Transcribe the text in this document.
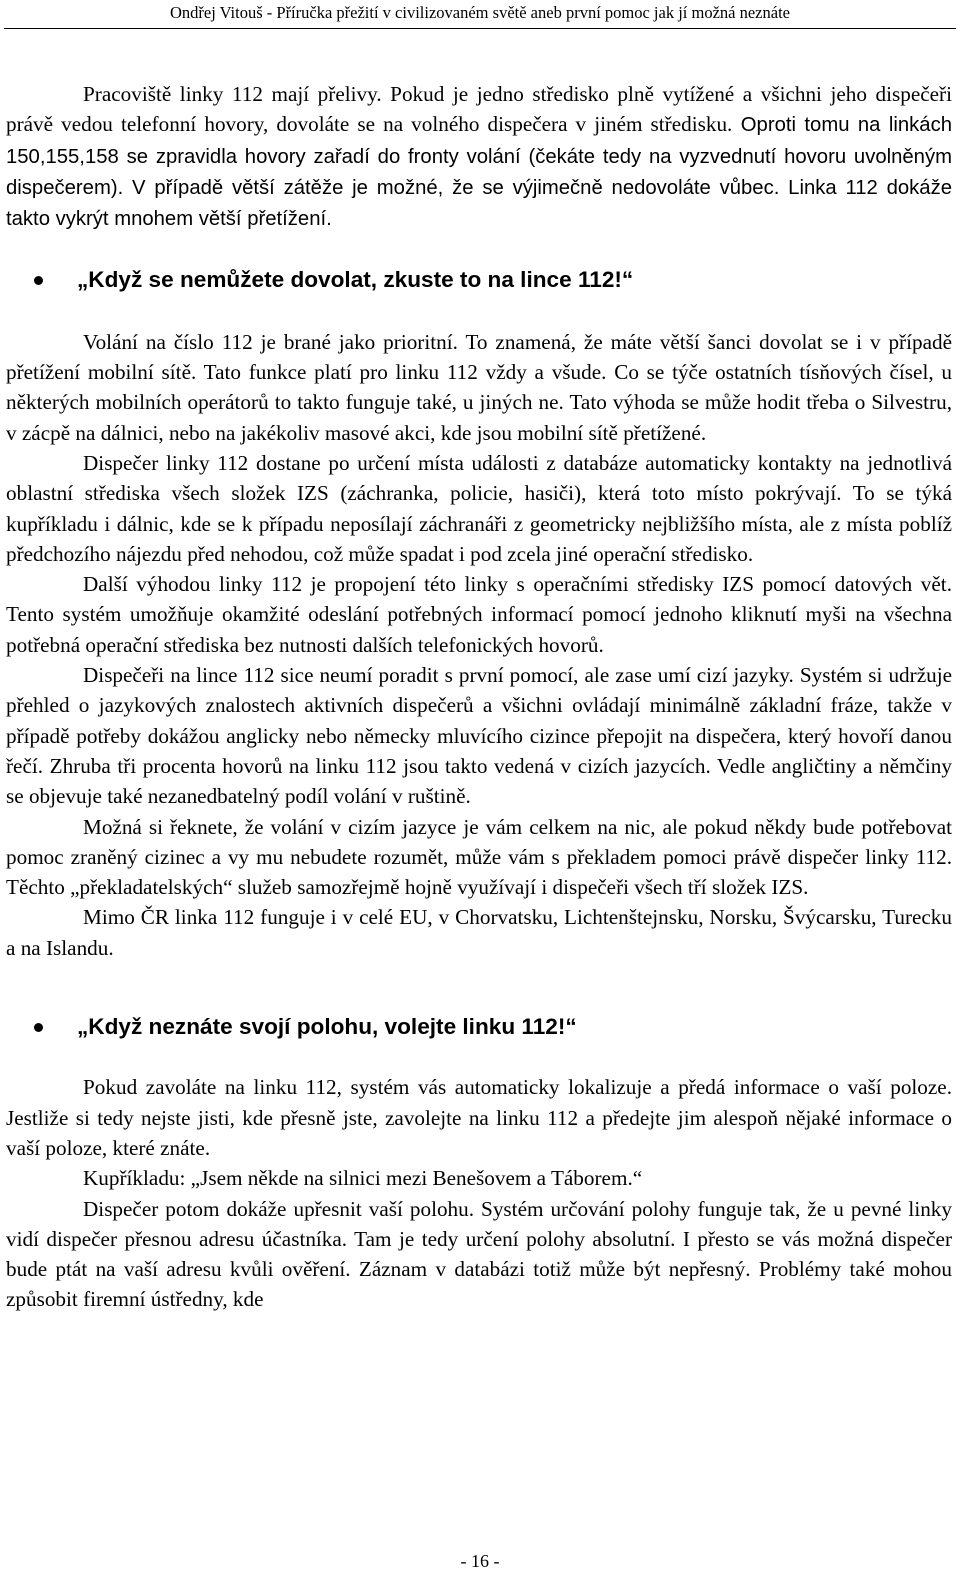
Ondřej Vitouš - Příručka přežití v civilizovaném světě aneb první pomoc jak jí možná neznáte

Pracoviště linky 112 mají přelivy. Pokud je jedno středisko plně vytížené a všichni jeho dispečeři právě vedou telefonní hovory, dovoláte se na volného dispečera v jiném středisku. Oproti tomu na linkách 150,155,158 se zpravidla hovory zařadí do fronty volání (čekáte tedy na vyzvednutí hovoru uvolněným dispečerem). V případě větší zátěže je možné, že se výjimečně nedovoláte vůbec. Linka 112 dokáže takto vykrýt mnohem větší přetížení.

„Když se nemůžete dovolat, zkuste to na lince 112!“

Volání na číslo 112 je brané jako prioritní. To znamená, že máte větší šanci dovolat se i v případě přetížení mobilní sítě. Tato funkce platí pro linku 112 vždy a všude. Co se týče ostatních tísňových čísel, u některých mobilních operátorů to takto funguje také, u jiných ne. Tato výhoda se může hodit třeba o Silvestru, v zácpě na dálnici, nebo na jakékoliv masové akci, kde jsou mobilní sítě přetížené.

Dispečer linky 112 dostane po určení místa události z databáze automaticky kontakty na jednotlivá oblastní střediska všech složek IZS (záchranka, policie, hasiči), která toto místo pokrývají. To se týká kupříkladu i dálnic, kde se k případu neposílají záchranáři z geometricky nejbližšího místa, ale z místa poblíž předchozího nájezdu před nehodou, což může spadat i pod zcela jiné operační středisko.

Další výhodou linky 112 je propojení této linky s operačními středisky IZS pomocí datových vět. Tento systém umožňuje okamžité odeslání potřebných informací pomocí jednoho kliknutí myši na všechna potřebná operační střediska bez nutnosti dalších telefonických hovorů.

Dispečeři na lince 112 sice neumí poradit s první pomocí, ale zase umí cizí jazyky. Systém si udržuje přehled o jazykových znalostech aktivních dispečerů a všichni ovládají minimálně základní fráze, takže v případě potřeby dokážou anglicky nebo německy mluvícího cizince přepojit na dispečera, který hovoří danou řečí. Zhruba tři procenta hovorů na linku 112 jsou takto vedená v cizích jazycích. Vedle angličtiny a němčiny se objevuje také nezanedbatelný podíl volání v ruštině.

Možná si řeknete, že volání v cizím jazyce je vám celkem na nic, ale pokud někdy bude potřebovat pomoc zraněný cizinec a vy mu nebudete rozumět, může vám s překladem pomoci právě dispečer linky 112. Těchto „překladatelských“ služeb samozřejmě hojně využívají i dispečeři všech tří složek IZS.

Mimo ČR linka 112 funguje i v celé EU, v Chorvatsku, Lichtenštejnsku, Norsku, Švýcarsku, Turecku a na Islandu.

„Když neznáte svojí polohu, volejte linku 112!“

Pokud zavoláte na linku 112, systém vás automaticky lokalizuje a předá informace o vaší poloze. Jestliže si tedy nejste jisti, kde přesně jste, zavolejte na linku 112 a předejte jim alespoň nějaké informace o vaší poloze, které znáte.

Kupříkladu: „Jsem někde na silnici mezi Benešovem a Táborem.“

Dispečer potom dokáže upřesnit vaší polohu. Systém určování polohy funguje tak, že u pevné linky vidí dispečer přesnou adresu účastníka. Tam je tedy určení polohy absolutní. I přesto se vás možná dispečer bude ptát na vaší adresu kvůli ověření. Záznam v databázi totiž může být nepřesný. Problémy také mohou způsobit firemní ústředny, kde

- 16 -
